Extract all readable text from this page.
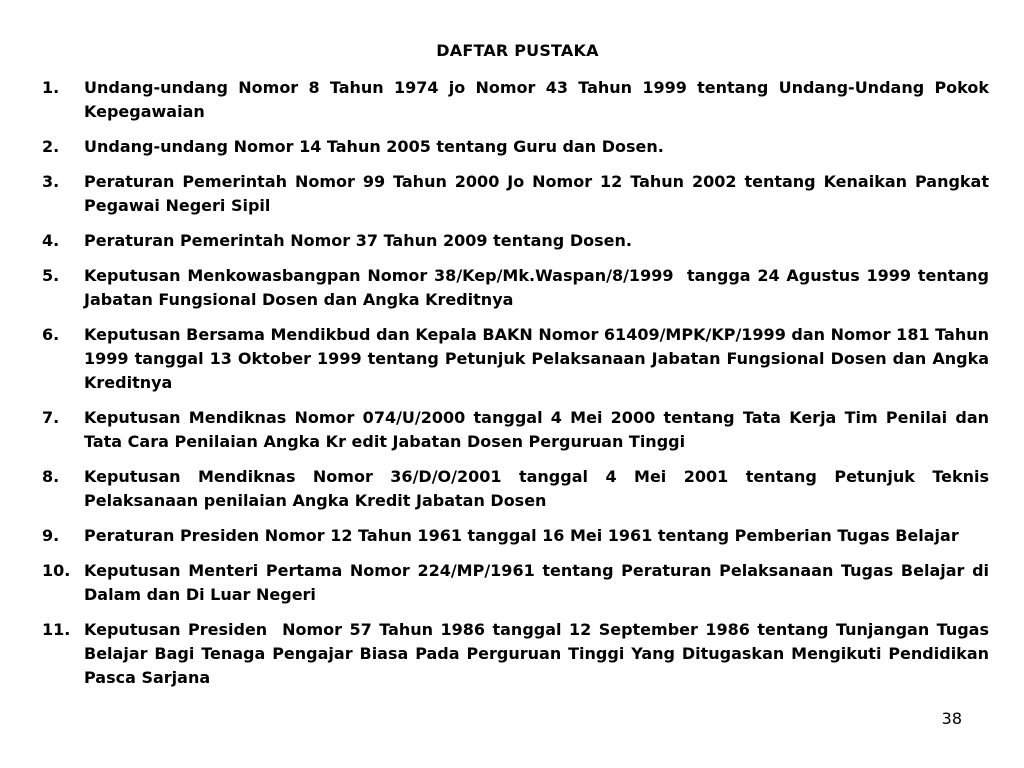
DAFTAR PUSTAKA
1.	Undang-undang Nomor 8 Tahun 1974 jo Nomor 43 Tahun 1999 tentang Undang-Undang Pokok Kepegawaian
2.	Undang-undang Nomor 14 Tahun 2005 tentang Guru dan Dosen.
3.	Peraturan Pemerintah Nomor 99 Tahun 2000 Jo Nomor 12 Tahun 2002 tentang Kenaikan Pangkat Pegawai Negeri Sipil
4.	Peraturan Pemerintah Nomor 37 Tahun 2009 tentang Dosen.
5.	Keputusan Menkowasbangpan Nomor 38/Kep/Mk.Waspan/8/1999  tangga 24 Agustus 1999 tentang Jabatan Fungsional Dosen dan Angka Kreditnya
6.	Keputusan Bersama Mendikbud dan Kepala BAKN Nomor 61409/MPK/KP/1999 dan Nomor 181 Tahun 1999 tanggal 13 Oktober 1999 tentang Petunjuk Pelaksanaan Jabatan Fungsional Dosen dan Angka Kreditnya
7.	Keputusan Mendiknas Nomor 074/U/2000 tanggal 4 Mei 2000 tentang Tata Kerja Tim Penilai dan Tata Cara Penilaian Angka Kr edit Jabatan Dosen Perguruan Tinggi
8.	Keputusan Mendiknas Nomor 36/D/O/2001 tanggal 4 Mei 2001 tentang Petunjuk Teknis Pelaksanaan penilaian Angka Kredit Jabatan Dosen
9.	Peraturan Presiden Nomor 12 Tahun 1961 tanggal 16 Mei 1961 tentang Pemberian Tugas Belajar
10. Keputusan Menteri Pertama Nomor 224/MP/1961 tentang Peraturan Pelaksanaan Tugas Belajar di Dalam dan Di Luar Negeri
11. Keputusan Presiden  Nomor 57 Tahun 1986 tanggal 12 September 1986 tentang Tunjangan Tugas Belajar Bagi Tenaga Pengajar Biasa Pada Perguruan Tinggi Yang Ditugaskan Mengikuti Pendidikan Pasca Sarjana
38
